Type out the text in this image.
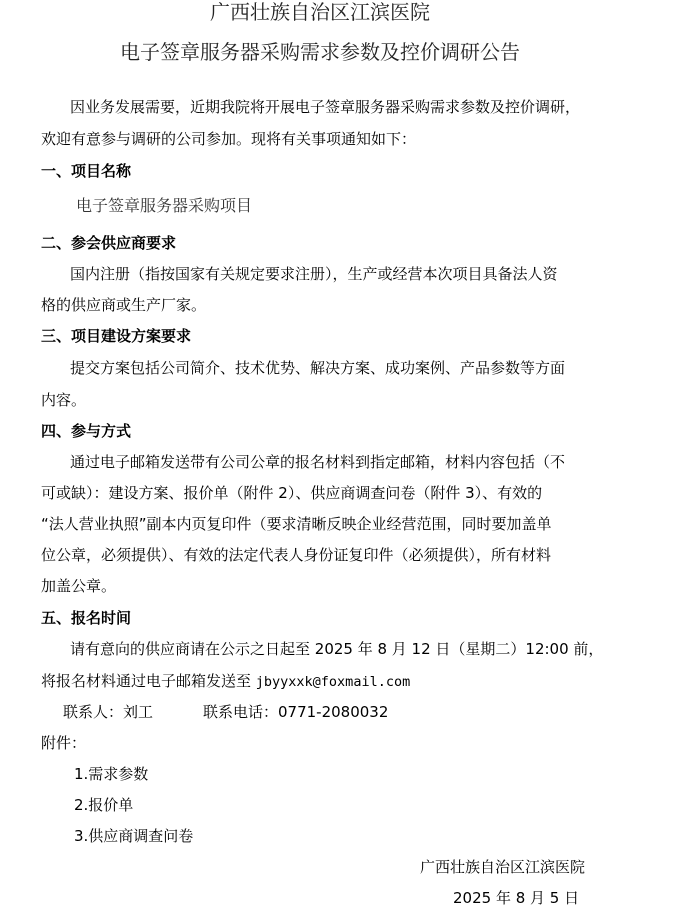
广西壮族自治区江滨医院
电子签章服务器采购需求参数及控价调研公告
因业务发展需要，近期我院将开展电子签章服务器采购需求参数及控价调研，
欢迎有意参与调研的公司参加。现将有关事项通知如下：
一、项目名称
电子签章服务器采购项目
二、参会供应商要求
国内注册（指按国家有关规定要求注册），生产或经营本次项目具备法人资
格的供应商或生产厂家。
三、项目建设方案要求
提交方案包括公司简介、技术优势、解决方案、成功案例、产品参数等方面
内容。
四、参与方式
通过电子邮箱发送带有公司公章的报名材料到指定邮箱，材料内容包括（不
可或缺）：建设方案、报价单（附件 2）、供应商调查问卷（附件 3）、有效的
“法人营业执照”副本内页复印件（要求清晰反映企业经营范围，同时要加盖单
位公章，必须提供）、有效的法定代表人身份证复印件（必须提供），所有材料
加盖公章。
五、报名时间
请有意向的供应商请在公示之日起至 2025 年 8 月 12 日（星期二）12:00 前，
将报名材料通过电子邮箱发送至 jbyyxxk@foxmail.com
联系人：刘工	联系电话：0771-2080032
附件：
1.需求参数
2.报价单
3.供应商调查问卷
广西壮族自治区江滨医院
2025 年 8 月 5 日
